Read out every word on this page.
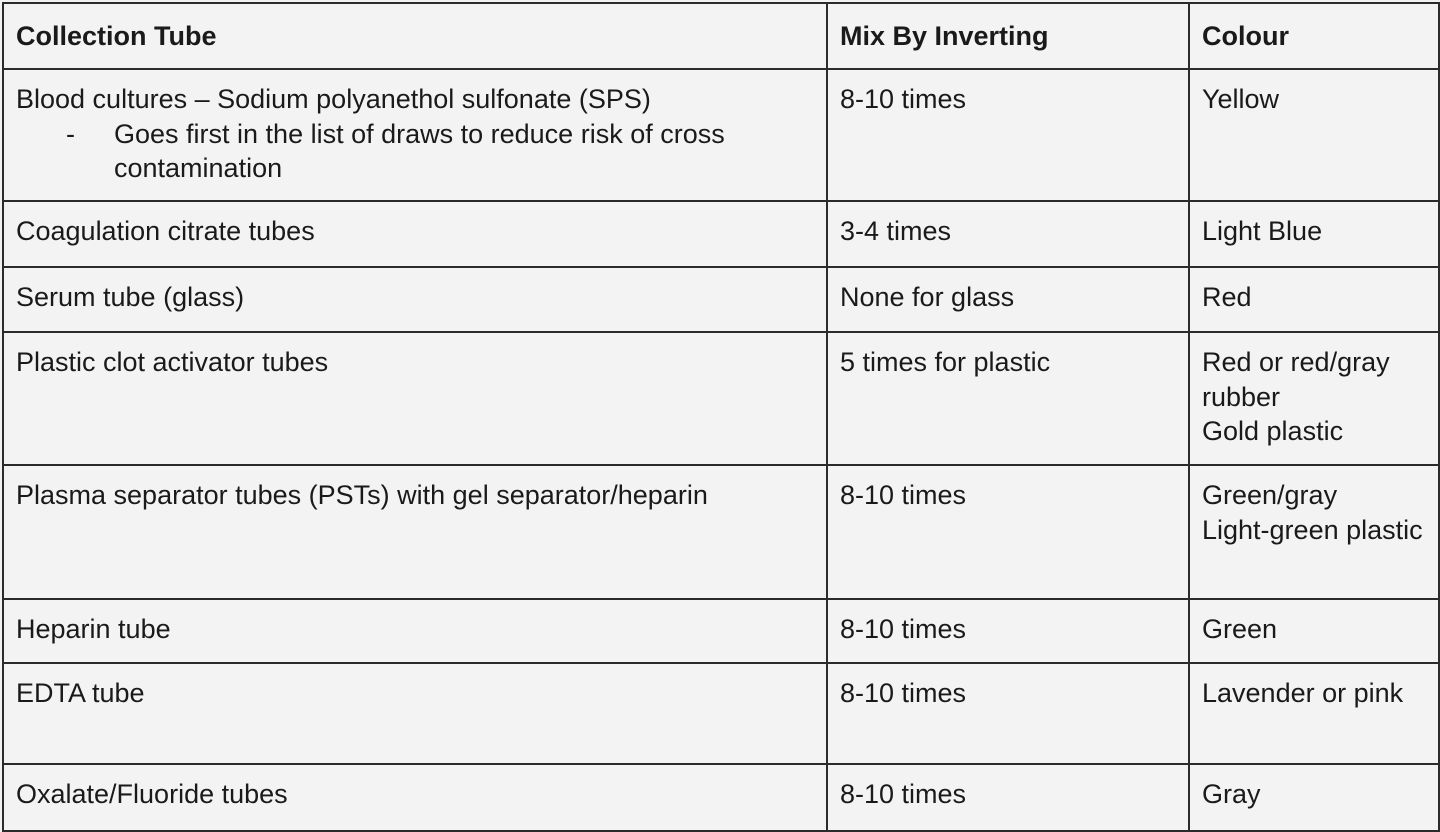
Collection Tube	Mix By Inverting	Colour

Blood cultures – Sodium polyanethol sulfonate (SPS)
- Goes first in the list of draws to reduce risk of cross contamination	8-10 times	Yellow
Coagulation citrate tubes	3-4 times	Light Blue
Serum tube (glass)	None for glass	Red
Plastic clot activator tubes	5 times for plastic	Red or red/gray rubber
Gold plastic

Plasma separator tubes (PSTs) with gel separator/heparin	8-10 times	Green/gray
Light-green plastic

Heparin tube	8-10 times	Green
EDTA tube	8-10 times	Lavender or pink
Oxalate/Fluoride tubes	8-10 times	Gray
